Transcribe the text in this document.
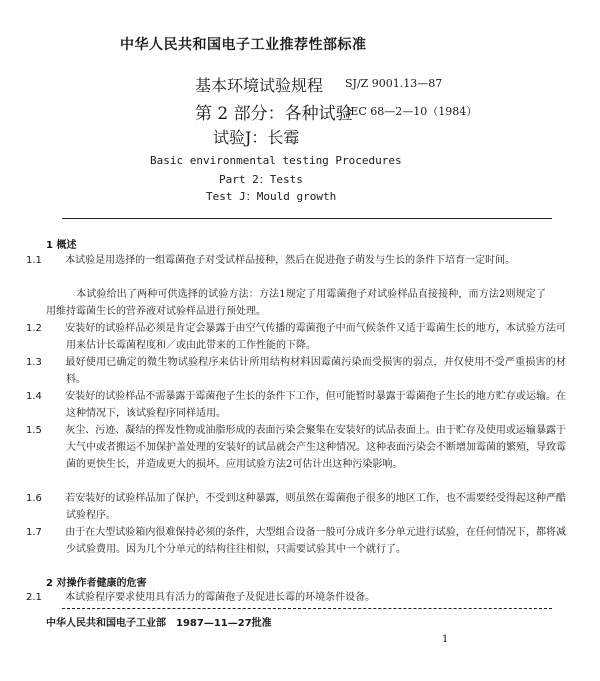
中华人民共和国电子工业推荐性部标准
基本环境试验规程 SJ/Z 9001.13—87
第 2 部分：各种试验
IEC 68—2—10（1984）
试验J：长霉
Basic environmental testing Procedures
Part 2：Tests
Test J：Mould growth
1 概述
1.1 本试验是用选择的一组霉菌孢子对受试样品接种，然后在促进孢子萌发与生长的条件下培育一定时间。
本试验给出了两种可供选择的试验方法：方法1规定了用霉菌孢子对试验样品直接接种，而方法2则规定了用维持霉菌生长的营养液对试验样品进行预处理。
1.2 安装好的试验样品必须是肯定会暴露于由空气传播的霉菌孢子中而气候条件又适于霉菌生长的地方，本试验方法可用来估计长霉菌程度和／或由此带来的工作性能的下降。
1.3 最好使用已确定的微生物试验程序来估计所用结构材料因霉菌污染而受损害的弱点，并仅使用不受严重损害的材料。
1.4 安装好的试验样品不需暴露于霉菌孢子生长的条件下工作，但可能暂时暴露于霉菌孢子生长的地方贮存或运输。在这种情况下，该试验程序同样适用。
1.5 灰尘、污迹、凝结的挥发性物或油脂形成的表面污染会聚集在安装好的试品表面上。由于贮存及使用或运输暴露于大气中或者搬运不加保护盖处理的安装好的试品就会产生这种情况。这种表面污染会不断增加霉菌的繁殖，导致霉菌的更快生长，并造成更大的损坏。应用试验方法2可估计出这种污染影响。
1.6 若安装好的试验样品加了保护，不受到这种暴露，则虽然在霉菌孢子很多的地区工作，也不需要经受得起这种严酷试验程序。
1.7 由于在大型试验箱内很难保持必须的条件，大型组合设备一般可分成许多分单元进行试验，在任何情况下，都将减少试验费用。因为几个分单元的结构往往相似，只需要试验其中一个就行了。
2 对操作者健康的危害
2.1 本试验程序要求使用具有活力的霉菌孢子及促进长霉的环境条件设备。
中华人民共和国电子工业部 1987—11—27批准
1
